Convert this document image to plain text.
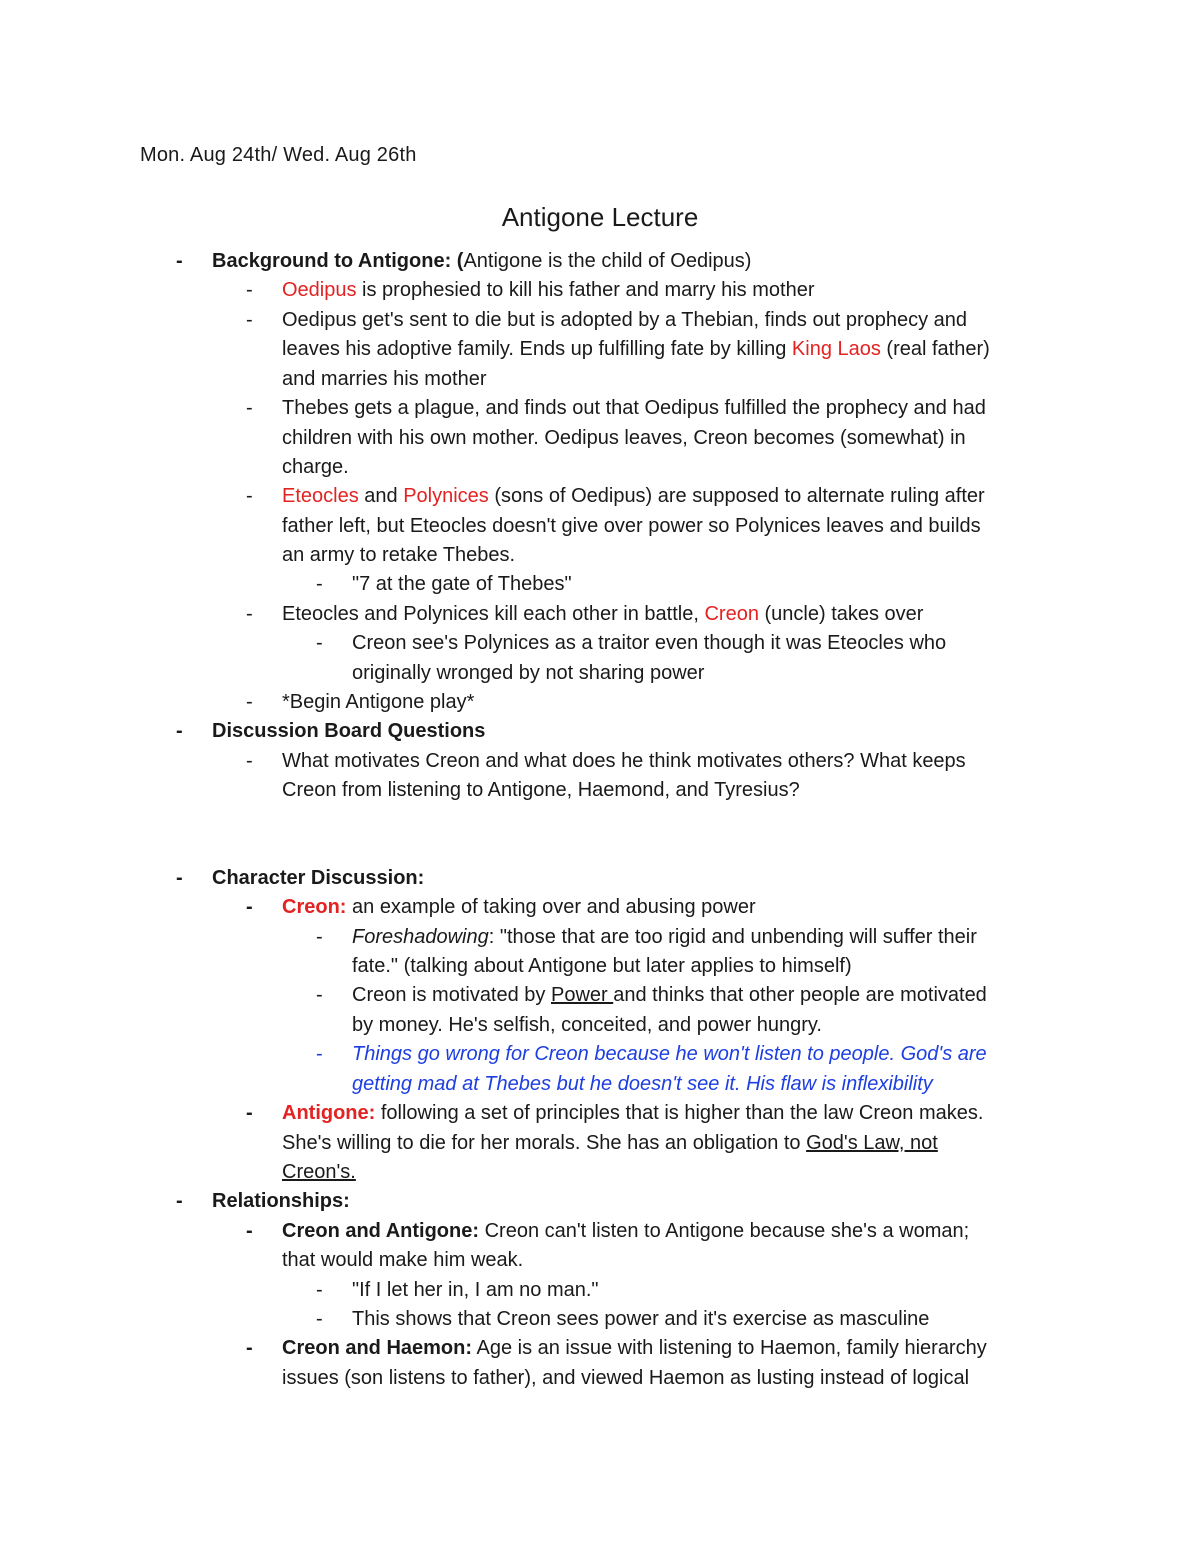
Mon. Aug 24th/ Wed. Aug 26th
Antigone Lecture
- Background to Antigone: (Antigone is the child of Oedipus)
- Oedipus is prophesied to kill his father and marry his mother
- Oedipus get's sent to die but is adopted by a Thebian, finds out prophecy and
leaves his adoptive family. Ends up fulfilling fate by killing King Laos (real father)
and marries his mother
- Thebes gets a plague, and finds out that Oedipus fulfilled the prophecy and had
children with his own mother. Oedipus leaves, Creon becomes (somewhat) in
charge.
- Eteocles and Polynices (sons of Oedipus) are supposed to alternate ruling after
father left, but Eteocles doesn't give over power so Polynices leaves and builds
an army to retake Thebes.
- "7 at the gate of Thebes"
- Eteocles and Polynices kill each other in battle, Creon (uncle) takes over
- Creon see's Polynices as a traitor even though it was Eteocles who
originally wronged by not sharing power
- *Begin Antigone play*
- Discussion Board Questions
- What motivates Creon and what does he think motivates others? What keeps
Creon from listening to Antigone, Haemond, and Tyresius?
- Character Discussion:
- Creon: an example of taking over and abusing power
- Foreshadowing: "those that are too rigid and unbending will suffer their
fate." (talking about Antigone but later applies to himself)
- Creon is motivated by Power and thinks that other people are motivated
by money. He's selfish, conceited, and power hungry.
- Things go wrong for Creon because he won't listen to people. God's are
getting mad at Thebes but he doesn't see it. His flaw is inflexibility
- Antigone: following a set of principles that is higher than the law Creon makes.
She's willing to die for her morals. She has an obligation to God's Law, not
Creon's.
- Relationships:
- Creon and Antigone: Creon can't listen to Antigone because she's a woman;
that would make him weak.
- "If I let her in, I am no man."
- This shows that Creon sees power and it's exercise as masculine
- Creon and Haemon: Age is an issue with listening to Haemon, family hierarchy
issues (son listens to father), and viewed Haemon as lusting instead of logical
